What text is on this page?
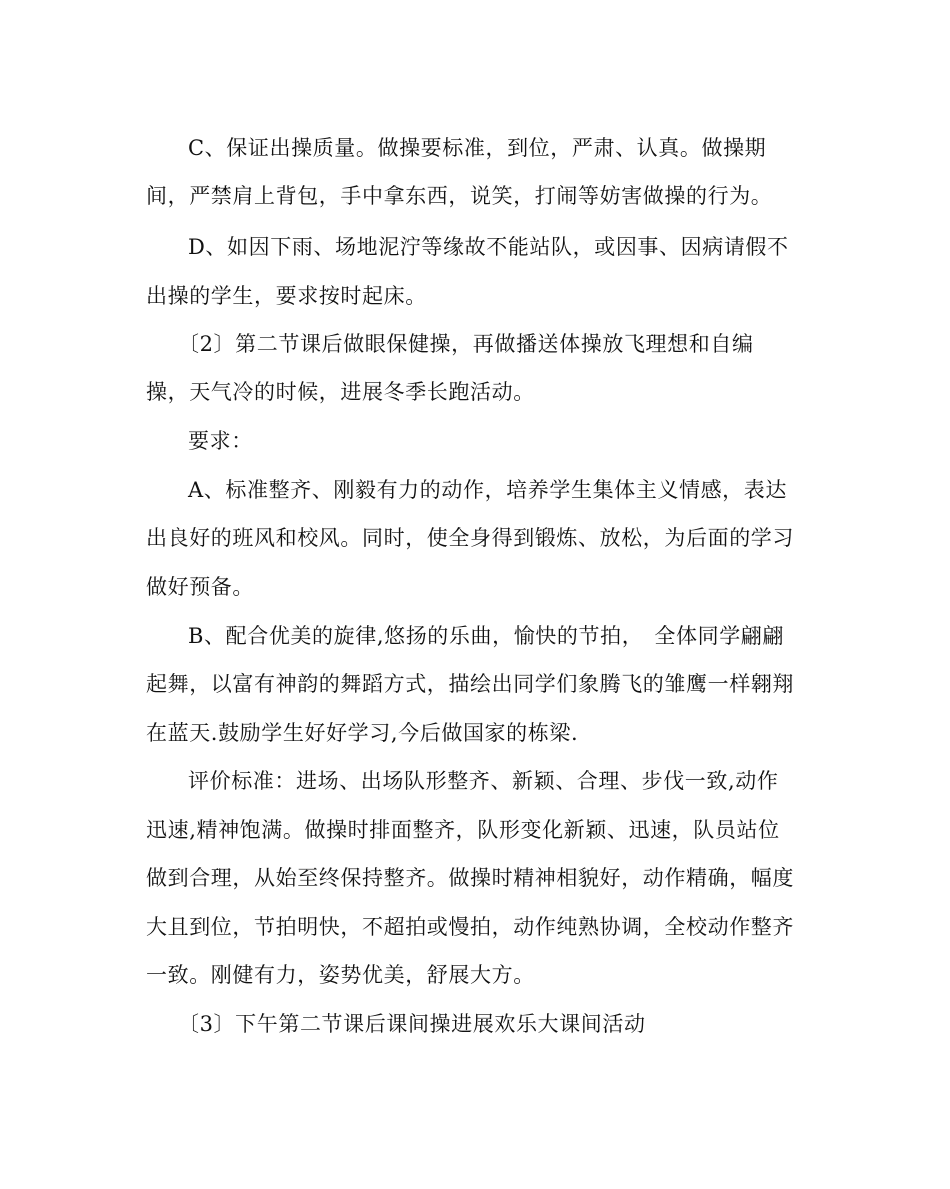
C、保证出操质量。做操要标准，到位，严肃、认真。做操期
间，严禁肩上背包，手中拿东西，说笑，打闹等妨害做操的行为。
D、如因下雨、场地泥泞等缘故不能站队，或因事、因病请假不
出操的学生，要求按时起床。
〔2〕第二节课后做眼保健操，再做播送体操放飞理想和自编
操，天气冷的时候，进展冬季长跑活动。
要求：
A、标准整齐、刚毅有力的动作，培养学生集体主义情感，表达
出良好的班风和校风。同时，使全身得到锻炼、放松，为后面的学习
做好预备。
B、配合优美的旋律,悠扬的乐曲，愉快的节拍，　全体同学翩翩
起舞，以富有神韵的舞蹈方式，描绘出同学们象腾飞的雏鹰一样翱翔
在蓝天.鼓励学生好好学习,今后做国家的栋梁.
评价标准：进场、出场队形整齐、新颖、合理、步伐一致,动作
迅速,精神饱满。做操时排面整齐，队形变化新颖、迅速，队员站位
做到合理，从始至终保持整齐。做操时精神相貌好，动作精确，幅度
大且到位，节拍明快，不超拍或慢拍，动作纯熟协调，全校动作整齐
一致。刚健有力，姿势优美，舒展大方。
〔3〕下午第二节课后课间操进展欢乐大课间活动
